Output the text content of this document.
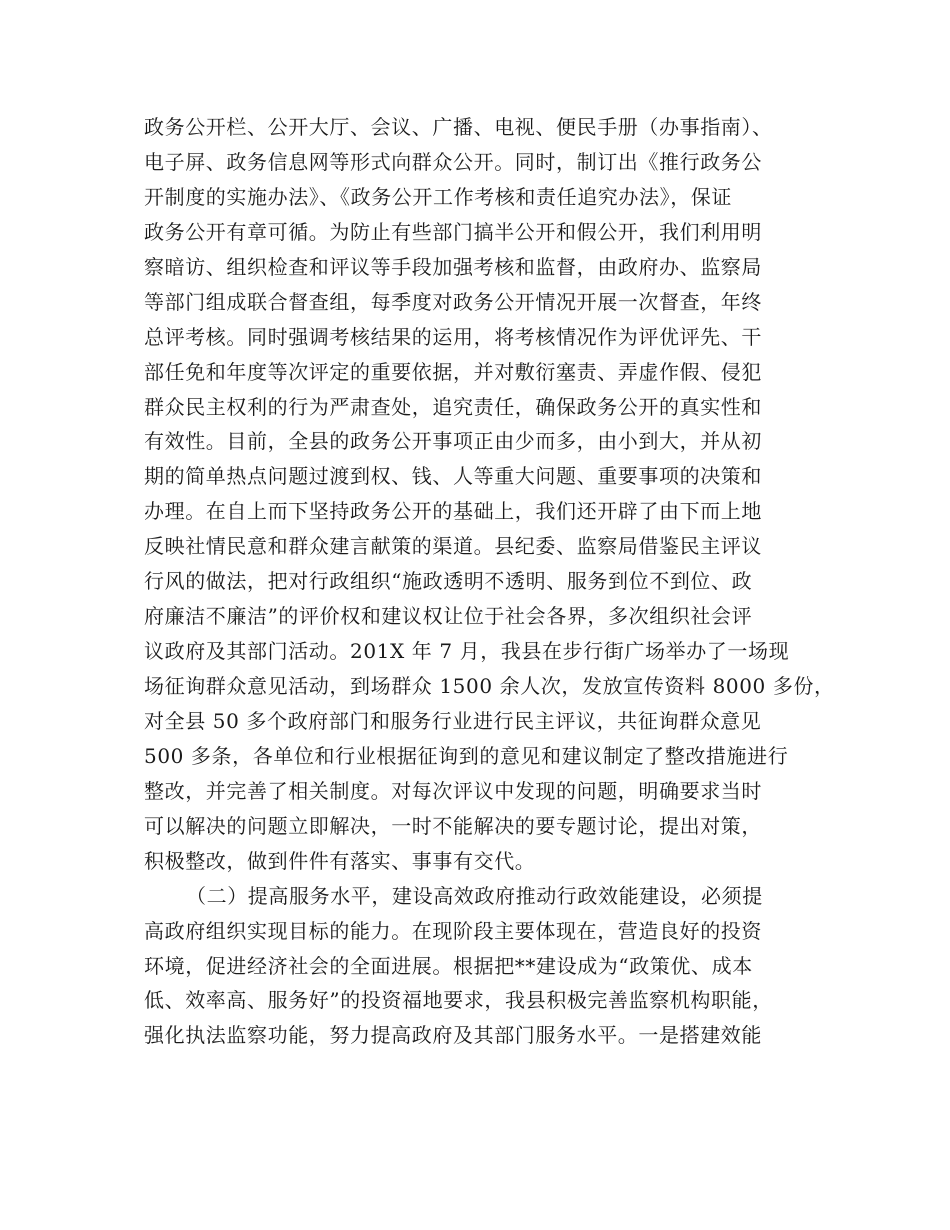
政务公开栏、公开大厅、会议、广播、电视、便民手册（办事指南）、
电子屏、政务信息网等形式向群众公开。同时，制订出《推行政务公
开制度的实施办法》、《政务公开工作考核和责任追究办法》，保证
政务公开有章可循。为防止有些部门搞半公开和假公开，我们利用明
察暗访、组织检查和评议等手段加强考核和监督，由政府办、监察局
等部门组成联合督查组，每季度对政务公开情况开展一次督查，年终
总评考核。同时强调考核结果的运用，将考核情况作为评优评先、干
部任免和年度等次评定的重要依据，并对敷衍塞责、弄虚作假、侵犯
群众民主权利的行为严肃查处，追究责任，确保政务公开的真实性和
有效性。目前，全县的政务公开事项正由少而多，由小到大，并从初
期的简单热点问题过渡到权、钱、人等重大问题、重要事项的决策和
办理。在自上而下坚持政务公开的基础上，我们还开辟了由下而上地
反映社情民意和群众建言献策的渠道。县纪委、监察局借鉴民主评议
行风的做法，把对行政组织“施政透明不透明、服务到位不到位、政
府廉洁不廉洁”的评价权和建议权让位于社会各界，多次组织社会评
议政府及其部门活动。201X 年 7 月，我县在步行街广场举办了一场现
场征询群众意见活动，到场群众 1500 余人次，发放宣传资料 8000 多份，
对全县 50 多个政府部门和服务行业进行民主评议，共征询群众意见
500 多条，各单位和行业根据征询到的意见和建议制定了整改措施进行
整改，并完善了相关制度。对每次评议中发现的问题，明确要求当时
可以解决的问题立即解决，一时不能解决的要专题讨论，提出对策，
积极整改，做到件件有落实、事事有交代。
（二）提高服务水平，建设高效政府推动行政效能建设，必须提
高政府组织实现目标的能力。在现阶段主要体现在，营造良好的投资
环境，促进经济社会的全面进展。根据把**建设成为“政策优、成本
低、效率高、服务好”的投资福地要求，我县积极完善监察机构职能，
强化执法监察功能，努力提高政府及其部门服务水平。一是搭建效能
